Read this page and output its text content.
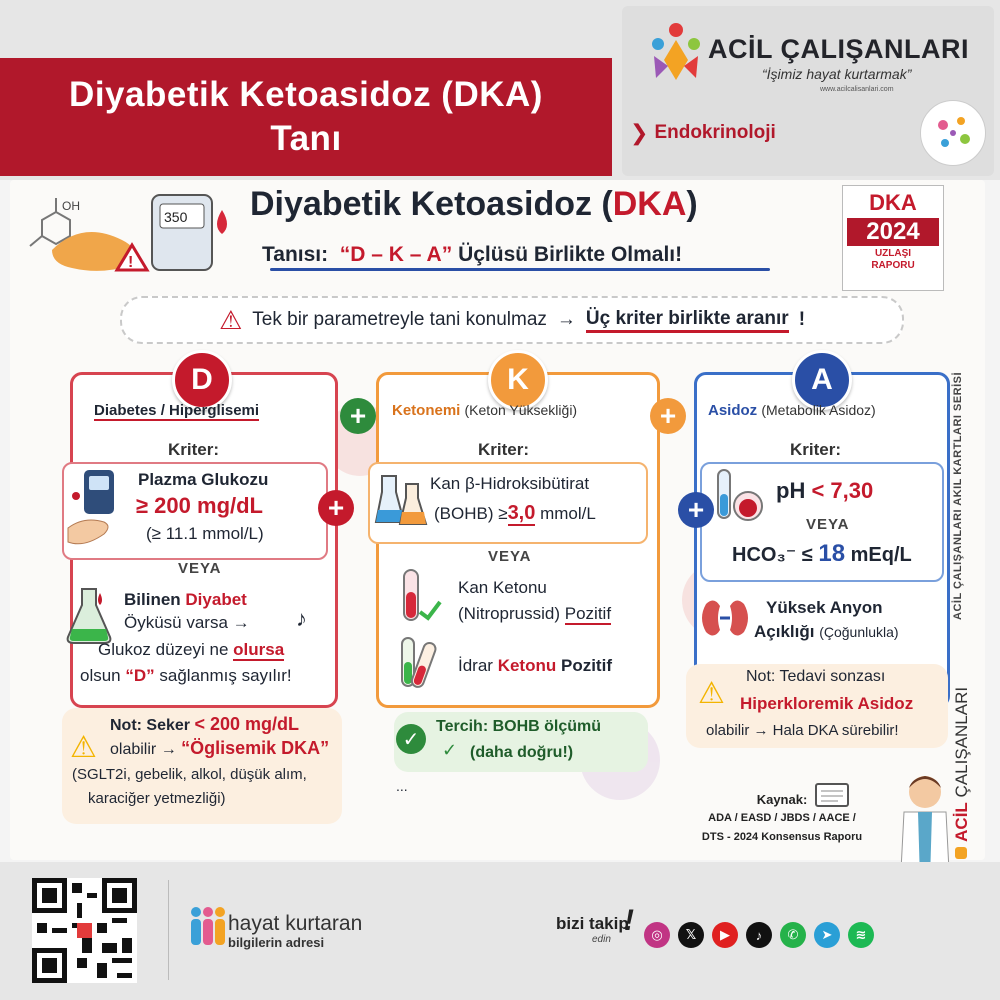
Diyabetik Ketoasidoz (DKA)
Tanı
ACİL ÇALIŞANLARI
“İşimiz hayat kurtarmak”
www.acilcalisanlari.com
❯ Endokrinoloji
OH
350
!
Diyabetik Ketoasidoz (DKA)
Tanısı: “D – K – A” Üçlüsü Birlikte Olmalı!
DKA
2024
UZLAŞI
RAPORU
⚠ Tek bir parametreyle tani konulmaz → Üç kriter birlikte aranır !
D
Diabetes / Hiperglisemi
Kriter:
Plazma Glukozu
≥ 200 mg/dL
(≥ 11.1 mmol/L)
+
VEYA
Bilinen Diyabet
Öyküsü varsa →
Glukoz düzeyi ne olursa
olsun “D” sağlanmış sayılır!
♪
⚠
Not: Seker < 200 mg/dL
olabilir → “Öglisemik DKA”
(SGLT2i, gebelik, alkol, düşük alım,
karaciğer yetmezliği)
+
K
Ketonemi (Keton Yüksekliği)
Kriter:
Kan β-Hidroksibütirat
(BOHB) ≥3,0 mmol/L
+
VEYA
Kan Ketonu
(Nitroprussid) Pozitif
İdrar Ketonu Pozitif
✓
Tercih: BOHB ölçümü
✓ (daha doğru!)
...
A
Asidoz (Metabolik Asidoz)
Kriter:
+
pH < 7,30
VEYA
HCO₃⁻ ≤ 18 mEq/L
Yüksek Anyon
Açıklığı (Çoğunlukla)
⚠
Not: Tedavi sonzası
Hiperkloremik Asidoz
olabilir → Hala DKA sürebilir!
Kaynak:
ADA / EASD / JBDS / AACE /
DTS - 2024 Konsensus Raporu
ACİL ÇALIŞANLARI AKIL KARTLARI SERİSİ
ACİL ÇALIŞANLARI
hayat kurtaran
bilgilerin adresi
bizi takip
edin
!	◎	𝕏	▶	♪	✆	➤	≋
